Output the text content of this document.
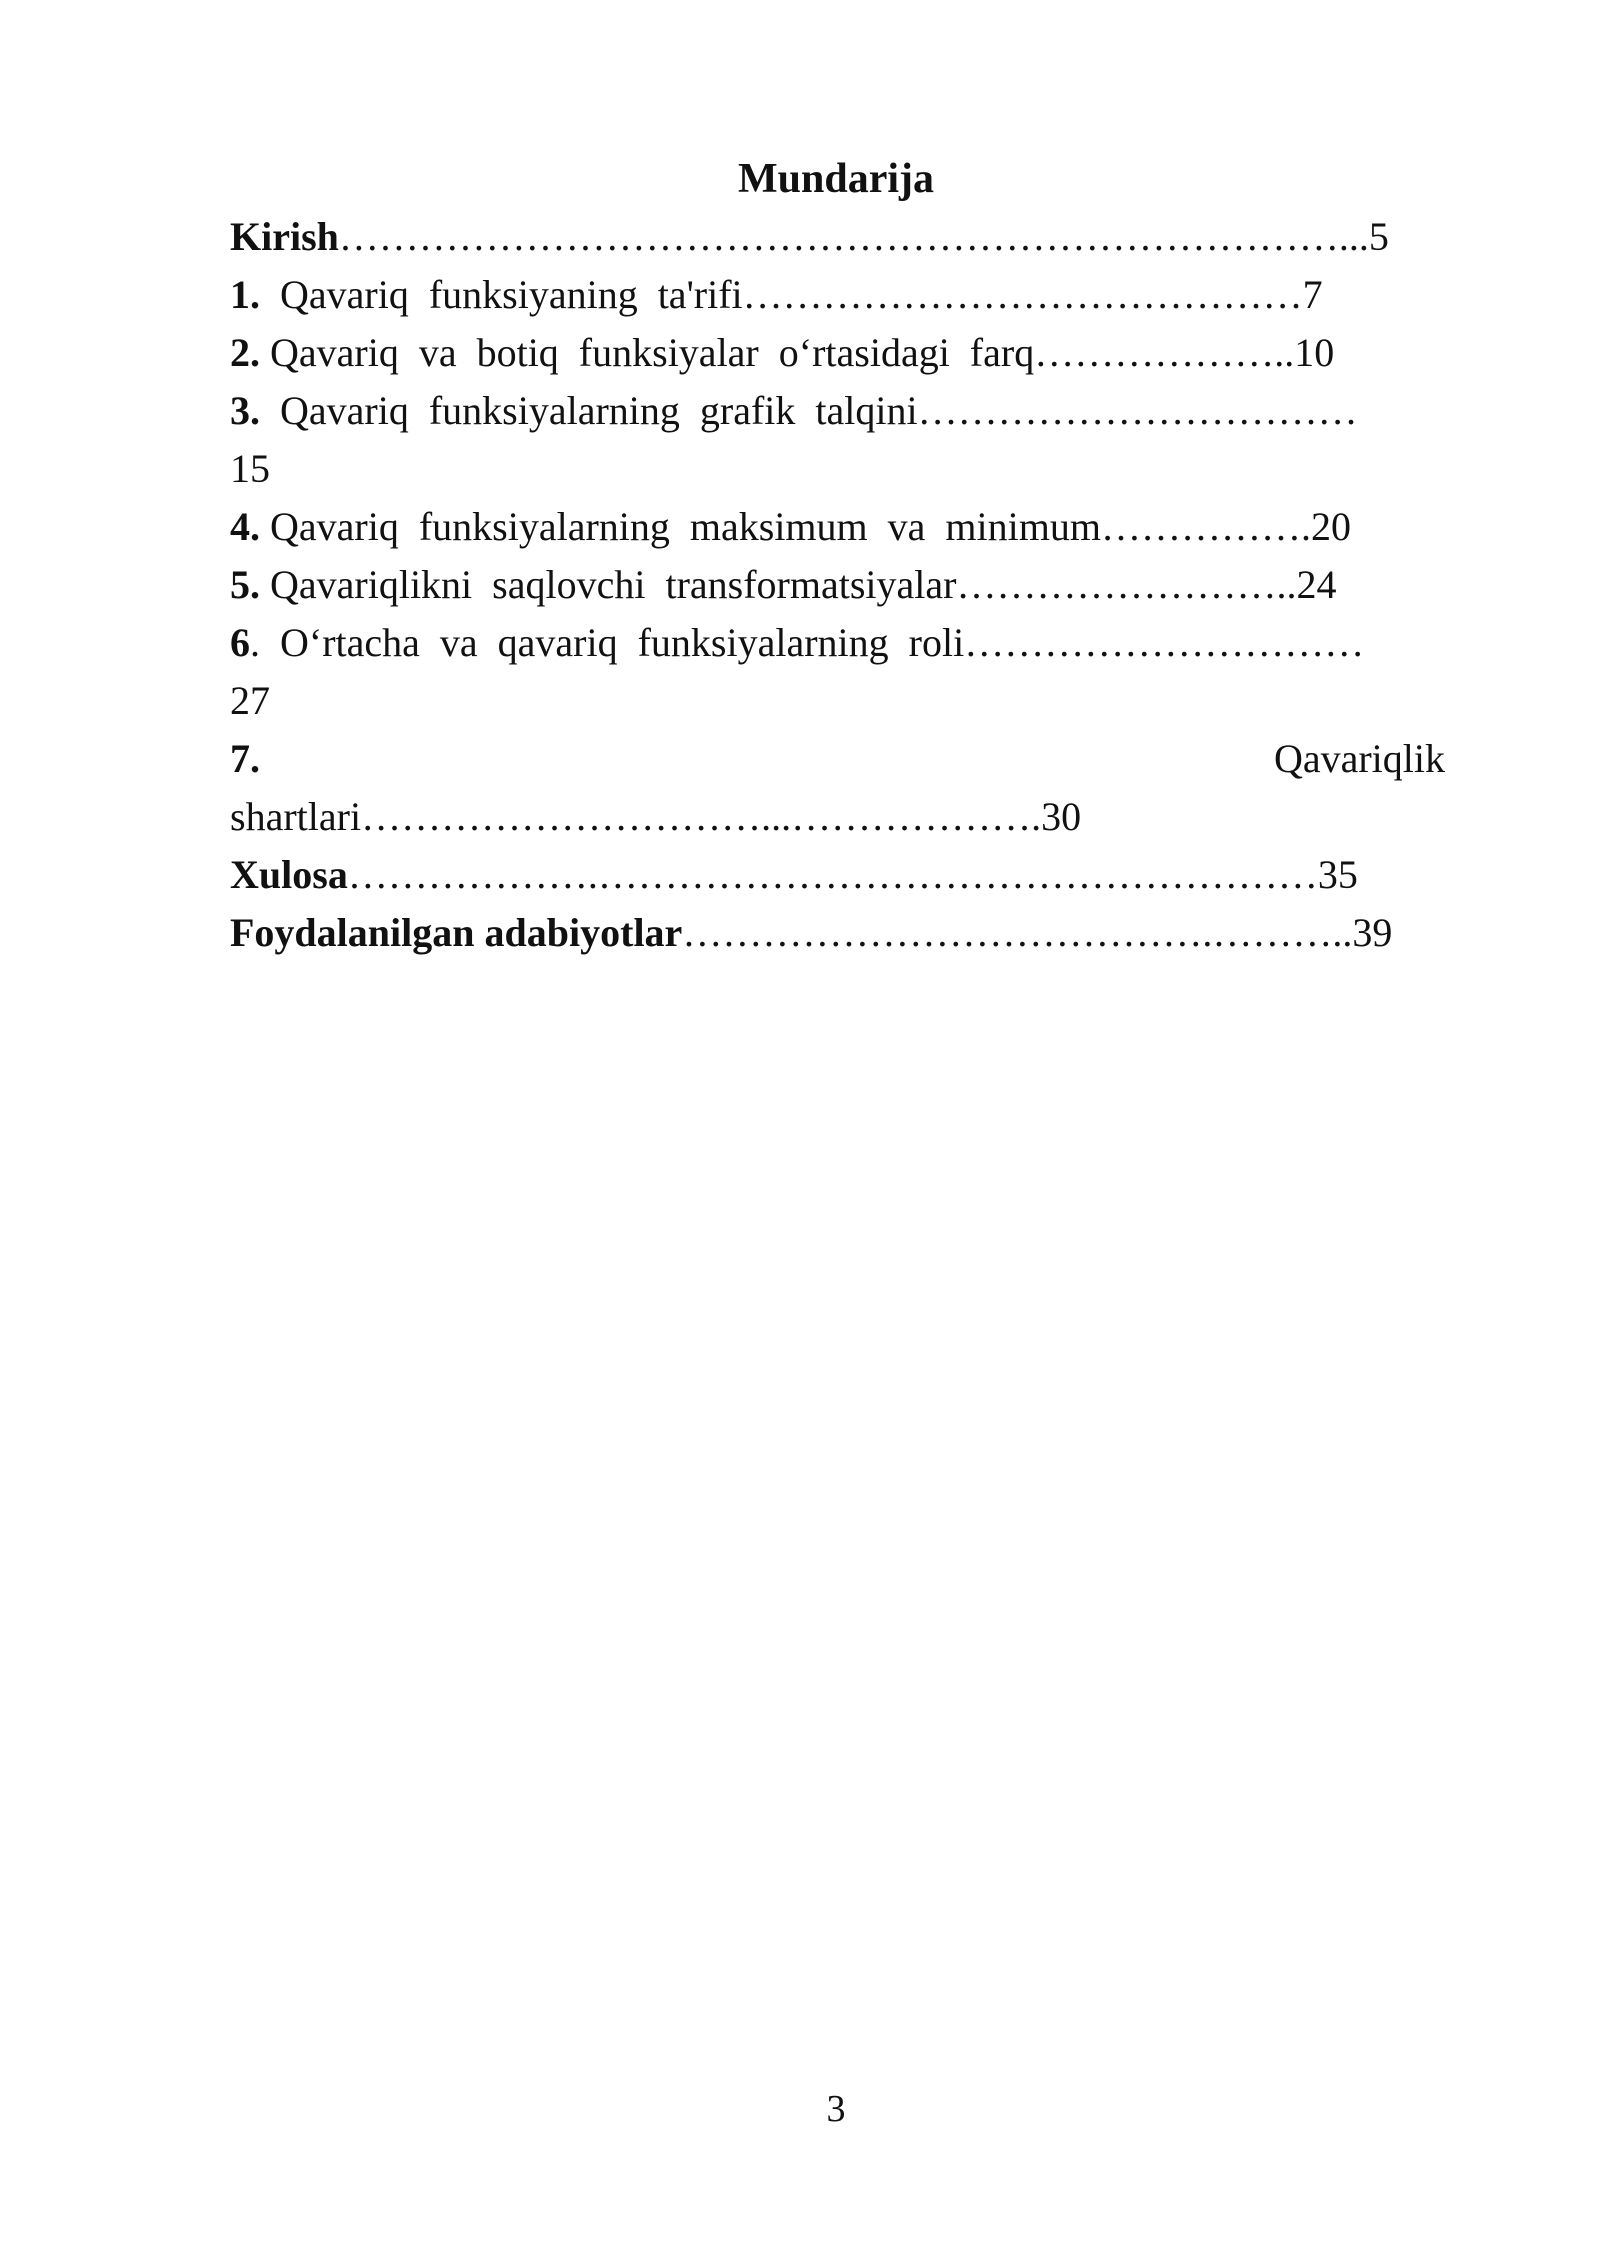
Mundarija
Kirish…………………………………………………………………...5
1. Qavariq  funksiyaning  ta'rifi……………………………………7
2. Qavariq  va  botiq  funksiyalar  o‘rtasidagi  farq………………..10
3. Qavariq  funksiyalarning  grafik  talqini……………………………
15
4. Qavariq  funksiyalarning  maksimum  va  minimum…………….20
5. Qavariqlikni  saqlovchi  transformatsiyalar……………………..24
6. O‘rtacha  va  qavariq  funksiyalarning  roli…………………………
27
7.	Qavariqlik
shartlari…………………………...……………….30
Xulosa……………….………………………………………………35
Foydalanilgan adabiyotlar………………………………….………..39
3
